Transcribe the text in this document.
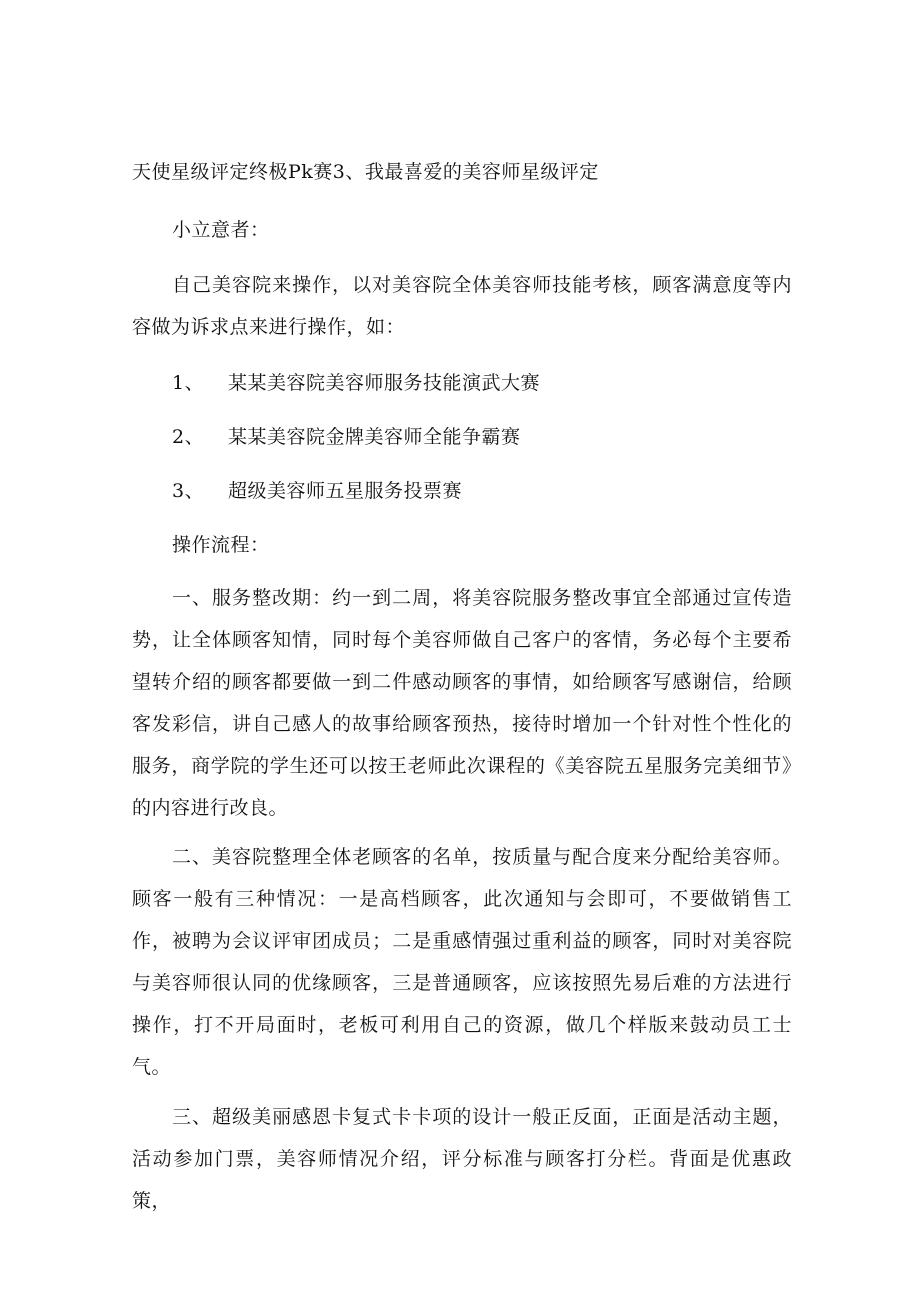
天使星级评定终极Pk赛3、我最喜爱的美容师星级评定
小立意者：
自己美容院来操作，以对美容院全体美容师技能考核，顾客满意度等内容做为诉求点来进行操作，如：
1、 某某美容院美容师服务技能演武大赛
2、 某某美容院金牌美容师全能争霸赛
3、 超级美容师五星服务投票赛
操作流程：
一、服务整改期：约一到二周，将美容院服务整改事宜全部通过宣传造势，让全体顾客知情，同时每个美容师做自己客户的客情，务必每个主要希望转介绍的顾客都要做一到二件感动顾客的事情，如给顾客写感谢信，给顾客发彩信，讲自己感人的故事给顾客预热，接待时增加一个针对性个性化的服务，商学院的学生还可以按王老师此次课程的《美容院五星服务完美细节》的内容进行改良。
二、美容院整理全体老顾客的名单，按质量与配合度来分配给美容师。顾客一般有三种情况：一是高档顾客，此次通知与会即可，不要做销售工作，被聘为会议评审团成员；二是重感情强过重利益的顾客，同时对美容院与美容师很认同的优缘顾客，三是普通顾客，应该按照先易后难的方法进行操作，打不开局面时，老板可利用自己的资源，做几个样版来鼓动员工士气。
三、超级美丽感恩卡复式卡卡项的设计一般正反面，正面是活动主题，活动参加门票，美容师情况介绍，评分标准与顾客打分栏。背面是优惠政策，
